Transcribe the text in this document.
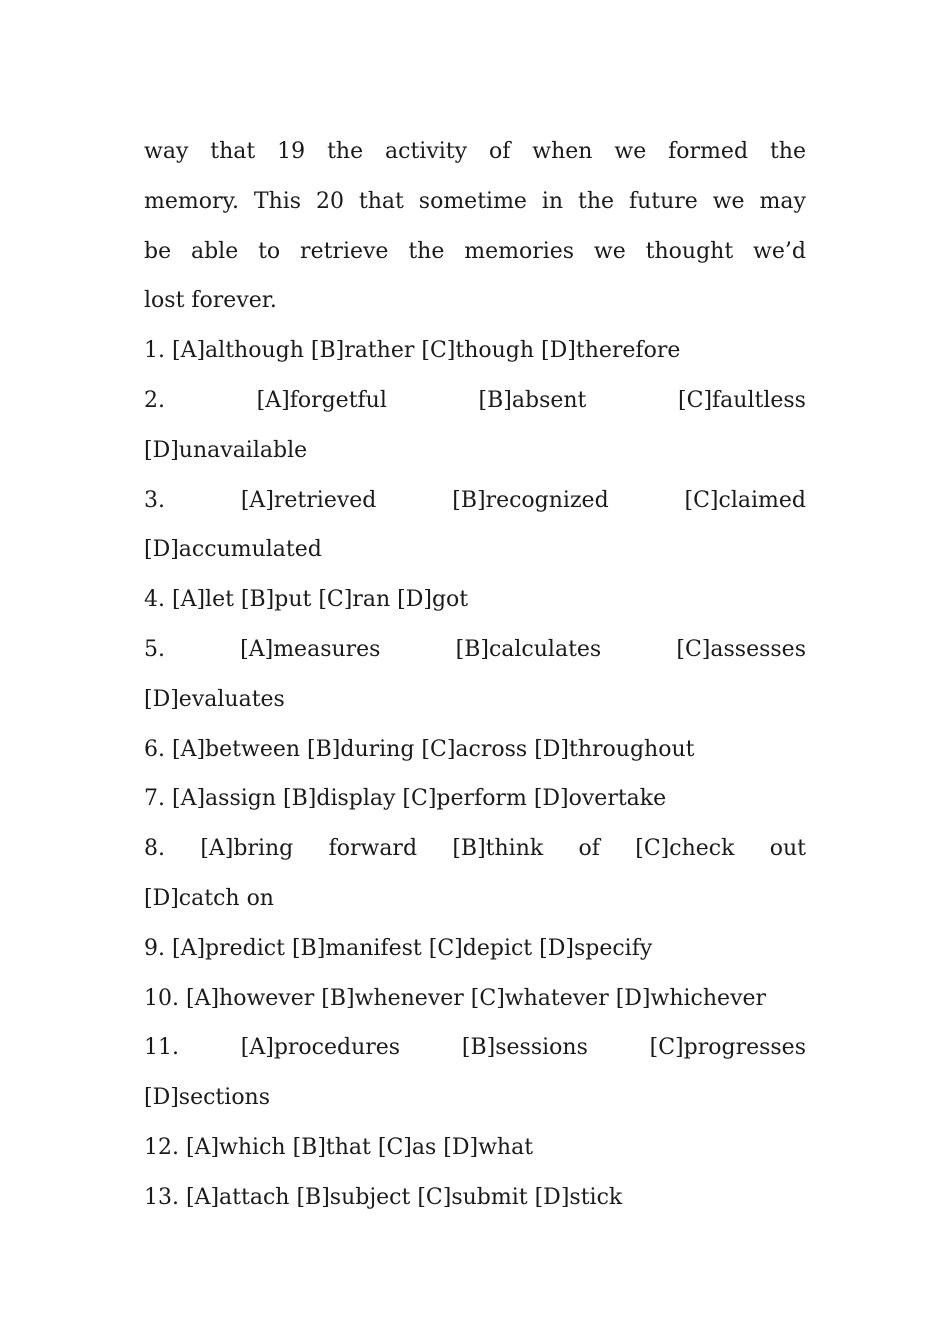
way that 19 the activity of when we formed the
memory. This 20 that sometime in the future we may
be able to retrieve the memories we thought we’d
lost forever.
1. [A]although [B]rather [C]though [D]therefore
2.	[A]forgetful	[B]absent	[C]faultless
[D]unavailable
3.	[A]retrieved	[B]recognized	[C]claimed
[D]accumulated
4. [A]let [B]put [C]ran [D]got
5.	[A]measures	[B]calculates	[C]assesses
[D]evaluates
6. [A]between [B]during [C]across [D]throughout
7. [A]assign [B]display [C]perform [D]overtake
8. [A]bring forward [B]think of [C]check out
[D]catch on
9. [A]predict [B]manifest [C]depict [D]specify
10. [A]however [B]whenever [C]whatever [D]whichever
11.	[A]procedures	[B]sessions	[C]progresses
[D]sections
12. [A]which [B]that [C]as [D]what
13. [A]attach [B]subject [C]submit [D]stick
